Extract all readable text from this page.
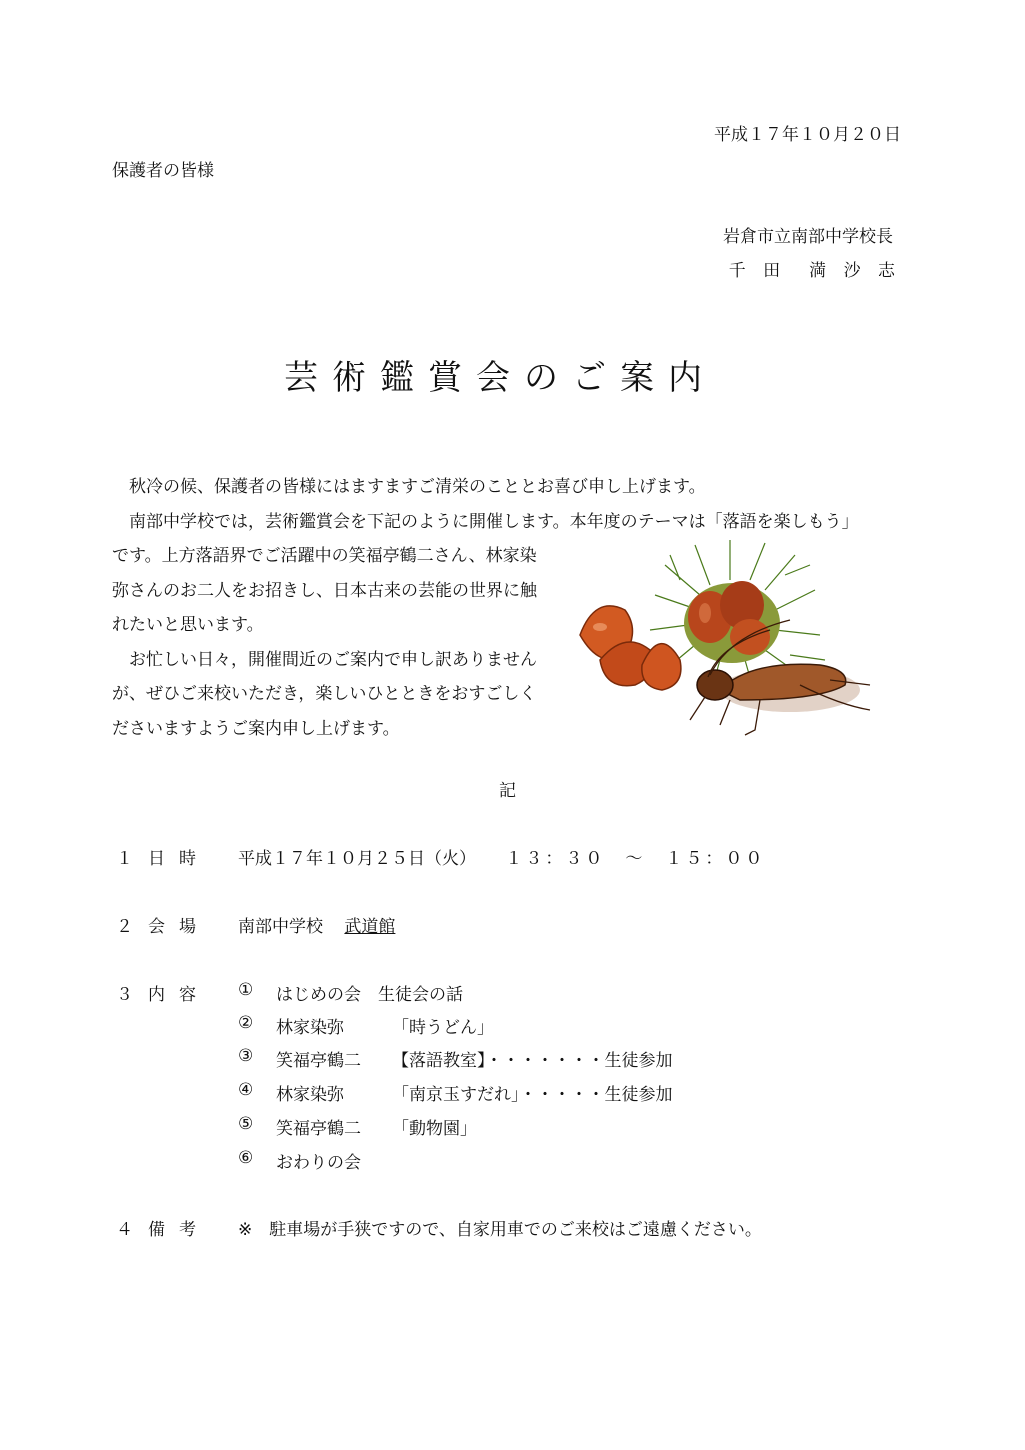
平成１７年１０月２０日
保護者の皆様
岩倉市立南部中学校長
千 田　満 沙 志
芸術鑑賞会のご案内

秋冷の候、保護者の皆様にはますますご清栄のこととお喜び申し上げます。

南部中学校では，芸術鑑賞会を下記のように開催します。本年度のテーマは「落語を楽しもう」

です。上方落語界でご活躍中の笑福亭鶴二さん、林家染

弥さんのお二人をお招きし、日本古来の芸能の世界に触

れたいと思います。

お忙しい日々，開催間近のご案内で申し訳ありません

が、ぜひご来校いただき，楽しいひとときをおすごしく

ださいますようご案内申し上げます。

記
１ 日時 平成１７年１０月２５日（火） １３：３０　～　１５：００
２ 会場 南部中学校 武道館
３ 内容 ① はじめの会　生徒会の話
② 林家染弥	「時うどん」
③ 笑福亭鶴二 【落語教室】・・・・・・・生徒参加
④ 林家染弥	「南京玉すだれ」・・・・・生徒参加
⑤ 笑福亭鶴二 「動物園」
⑥ おわりの会
４ 備考 ※　駐車場が手狭ですので、自家用車でのご来校はご遠慮ください。
